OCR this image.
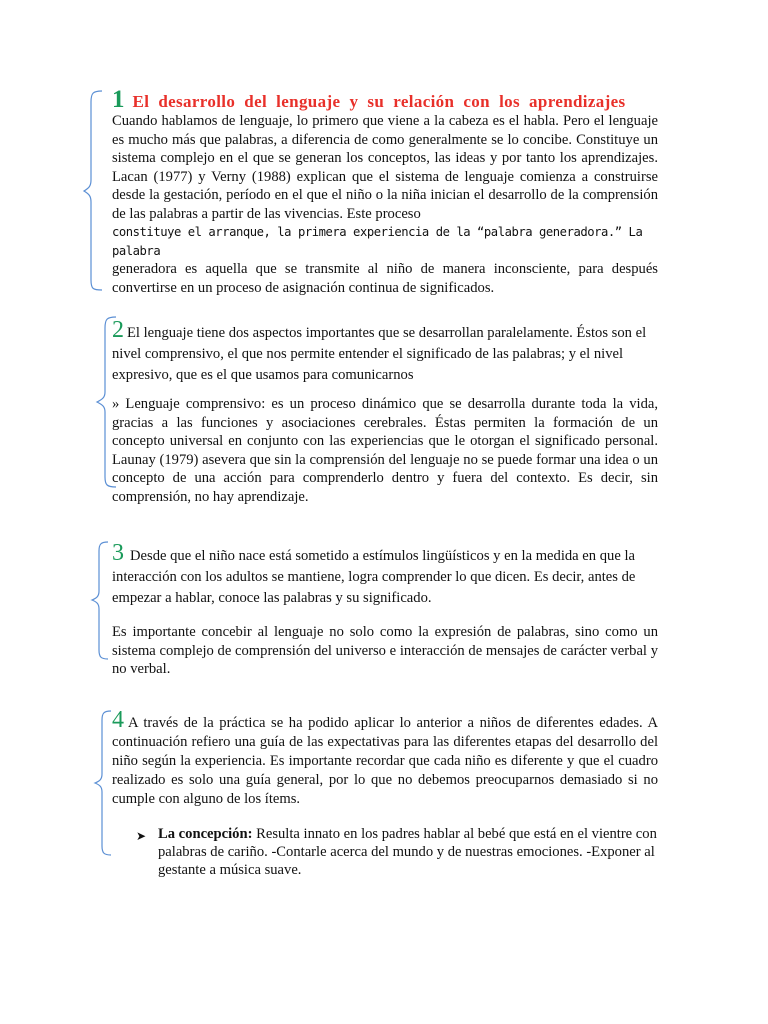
1 El desarrollo del lenguaje y su relación con los aprendizajes

Cuando hablamos de lenguaje, lo primero que viene a la cabeza es el habla. Pero el lenguaje es mucho más que palabras, a diferencia de como generalmente se lo concibe. Constituye un sistema complejo en el que se generan los conceptos, las ideas y por tanto los aprendizajes. Lacan (1977) y Verny (1988) explican que el sistema de lenguaje comienza a construirse desde la gestación, período en el que el niño o la niña inician el desarrollo de la comprensión de las palabras a partir de las vivencias. Este proceso

constituye el arranque, la primera experiencia de la “palabra generadora.” La palabra

generadora es aquella que se transmite al niño de manera inconsciente, para después convertirse en un proceso de asignación continua de significados.

2 El lenguaje tiene dos aspectos importantes que se desarrollan paralelamente. Éstos son el nivel comprensivo, el que nos permite entender el significado de las palabras; y el nivel expresivo, que es el que usamos para comunicarnos

» Lenguaje comprensivo: es un proceso dinámico que se desarrolla durante toda la vida, gracias a las funciones y asociaciones cerebrales. Éstas permiten la formación de un concepto universal en conjunto con las experiencias que le otorgan el significado personal. Launay (1979) asevera que sin la comprensión del lenguaje no se puede formar una idea o un concepto de una acción para comprenderlo dentro y fuera del contexto. Es decir, sin comprensión, no hay aprendizaje.

3 Desde que el niño nace está sometido a estímulos lingüísticos y en la medida en que la interacción con los adultos se mantiene, logra comprender lo que dicen. Es decir, antes de empezar a hablar, conoce las palabras y su significado.

Es importante concebir al lenguaje no solo como la expresión de palabras, sino como un sistema complejo de comprensión del universo e interacción de mensajes de carácter verbal y no verbal.

4 A través de la práctica se ha podido aplicar lo anterior a niños de diferentes edades. A continuación refiero una guía de las expectativas para las diferentes etapas del desarrollo del niño según la experiencia. Es importante recordar que cada niño es diferente y que el cuadro realizado es solo una guía general, por lo que no debemos preocuparnos demasiado si no cumple con alguno de los ítems.

➤ La concepción: Resulta innato en los padres hablar al bebé que está en el vientre con palabras de cariño. -Contarle acerca del mundo y de nuestras emociones. -Exponer al gestante a música suave.
